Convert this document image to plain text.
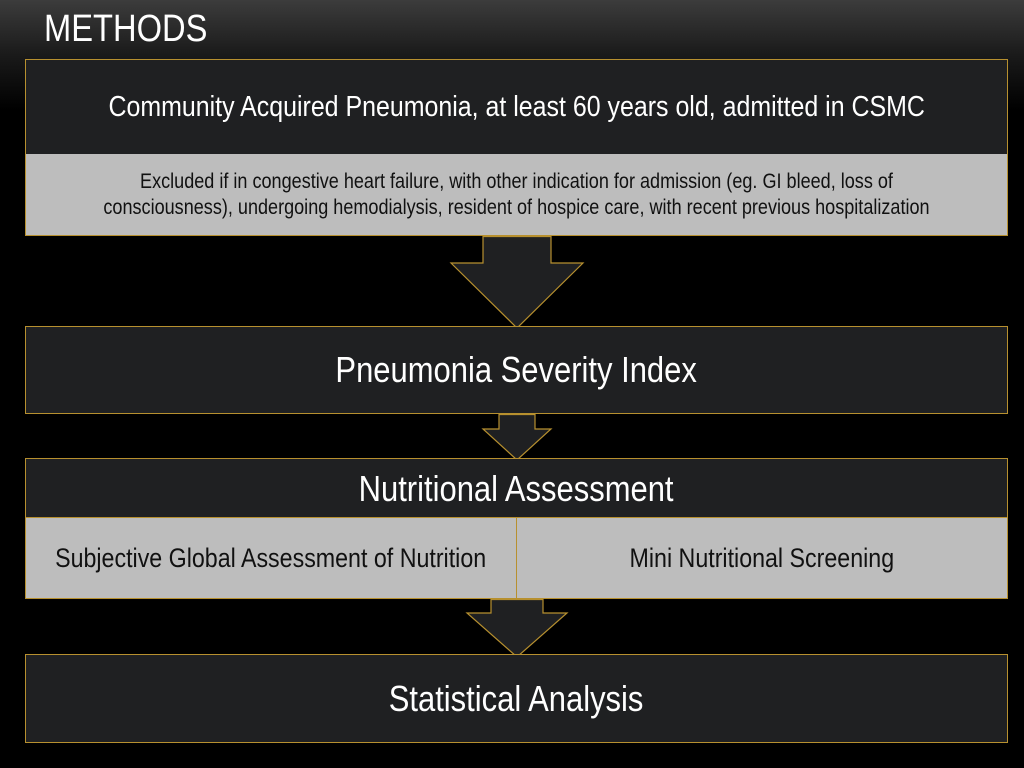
METHODS
Community Acquired Pneumonia, at least 60 years old, admitted in CSMC
Excluded if in congestive heart failure, with other indication for admission (eg. GI bleed, loss of consciousness), undergoing hemodialysis, resident of hospice care, with recent previous hospitalization
Pneumonia Severity Index
Nutritional Assessment
Subjective Global Assessment of Nutrition	Mini Nutritional Screening
Statistical Analysis
